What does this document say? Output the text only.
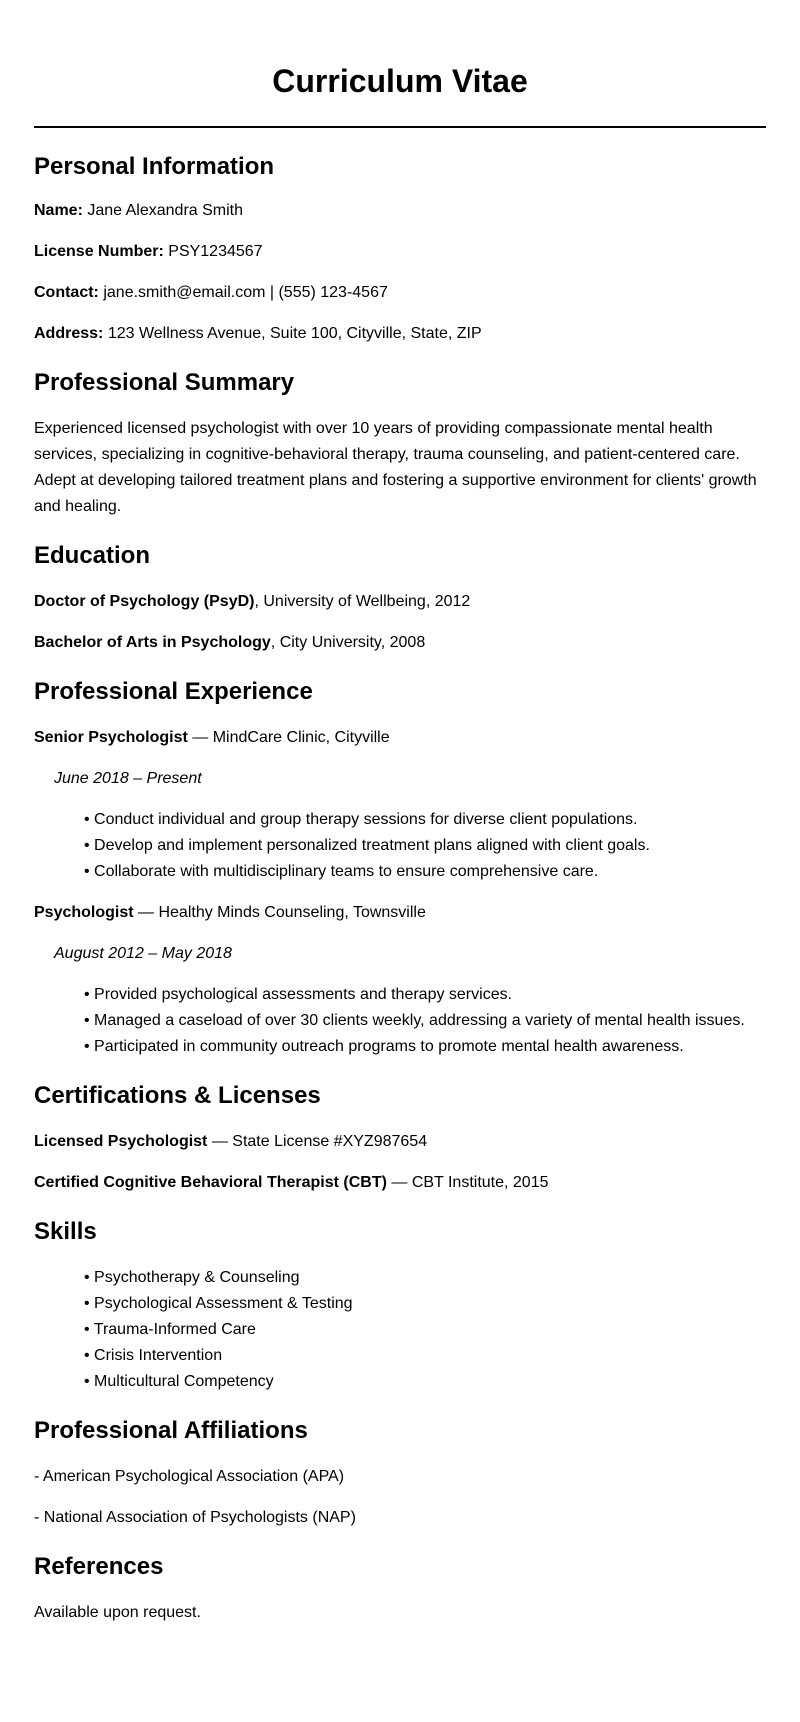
Curriculum Vitae
Personal Information

Name: Jane Alexandra Smith

License Number: PSY1234567

Contact: jane.smith@email.com | (555) 123-4567

Address: 123 Wellness Avenue, Suite 100, Cityville, State, ZIP

Professional Summary

Experienced licensed psychologist with over 10 years of providing compassionate mental health services, specializing in cognitive-behavioral therapy, trauma counseling, and patient-centered care. Adept at developing tailored treatment plans and fostering a supportive environment for clients' growth and healing.

Education

Doctor of Psychology (PsyD), University of Wellbeing, 2012

Bachelor of Arts in Psychology, City University, 2008

Professional Experience

Senior Psychologist — MindCare Clinic, Cityville

June 2018 – Present

• Conduct individual and group therapy sessions for diverse client populations.
• Develop and implement personalized treatment plans aligned with client goals.
• Collaborate with multidisciplinary teams to ensure comprehensive care.

Psychologist — Healthy Minds Counseling, Townsville

August 2012 – May 2018

• Provided psychological assessments and therapy services.
• Managed a caseload of over 30 clients weekly, addressing a variety of mental health issues.
• Participated in community outreach programs to promote mental health awareness.
Certifications & Licenses

Licensed Psychologist — State License #XYZ987654

Certified Cognitive Behavioral Therapist (CBT) — CBT Institute, 2015

Skills
• Psychotherapy & Counseling
• Psychological Assessment & Testing
• Trauma-Informed Care
• Crisis Intervention
• Multicultural Competency
Professional Affiliations

- American Psychological Association (APA)

- National Association of Psychologists (NAP)

References

Available upon request.
